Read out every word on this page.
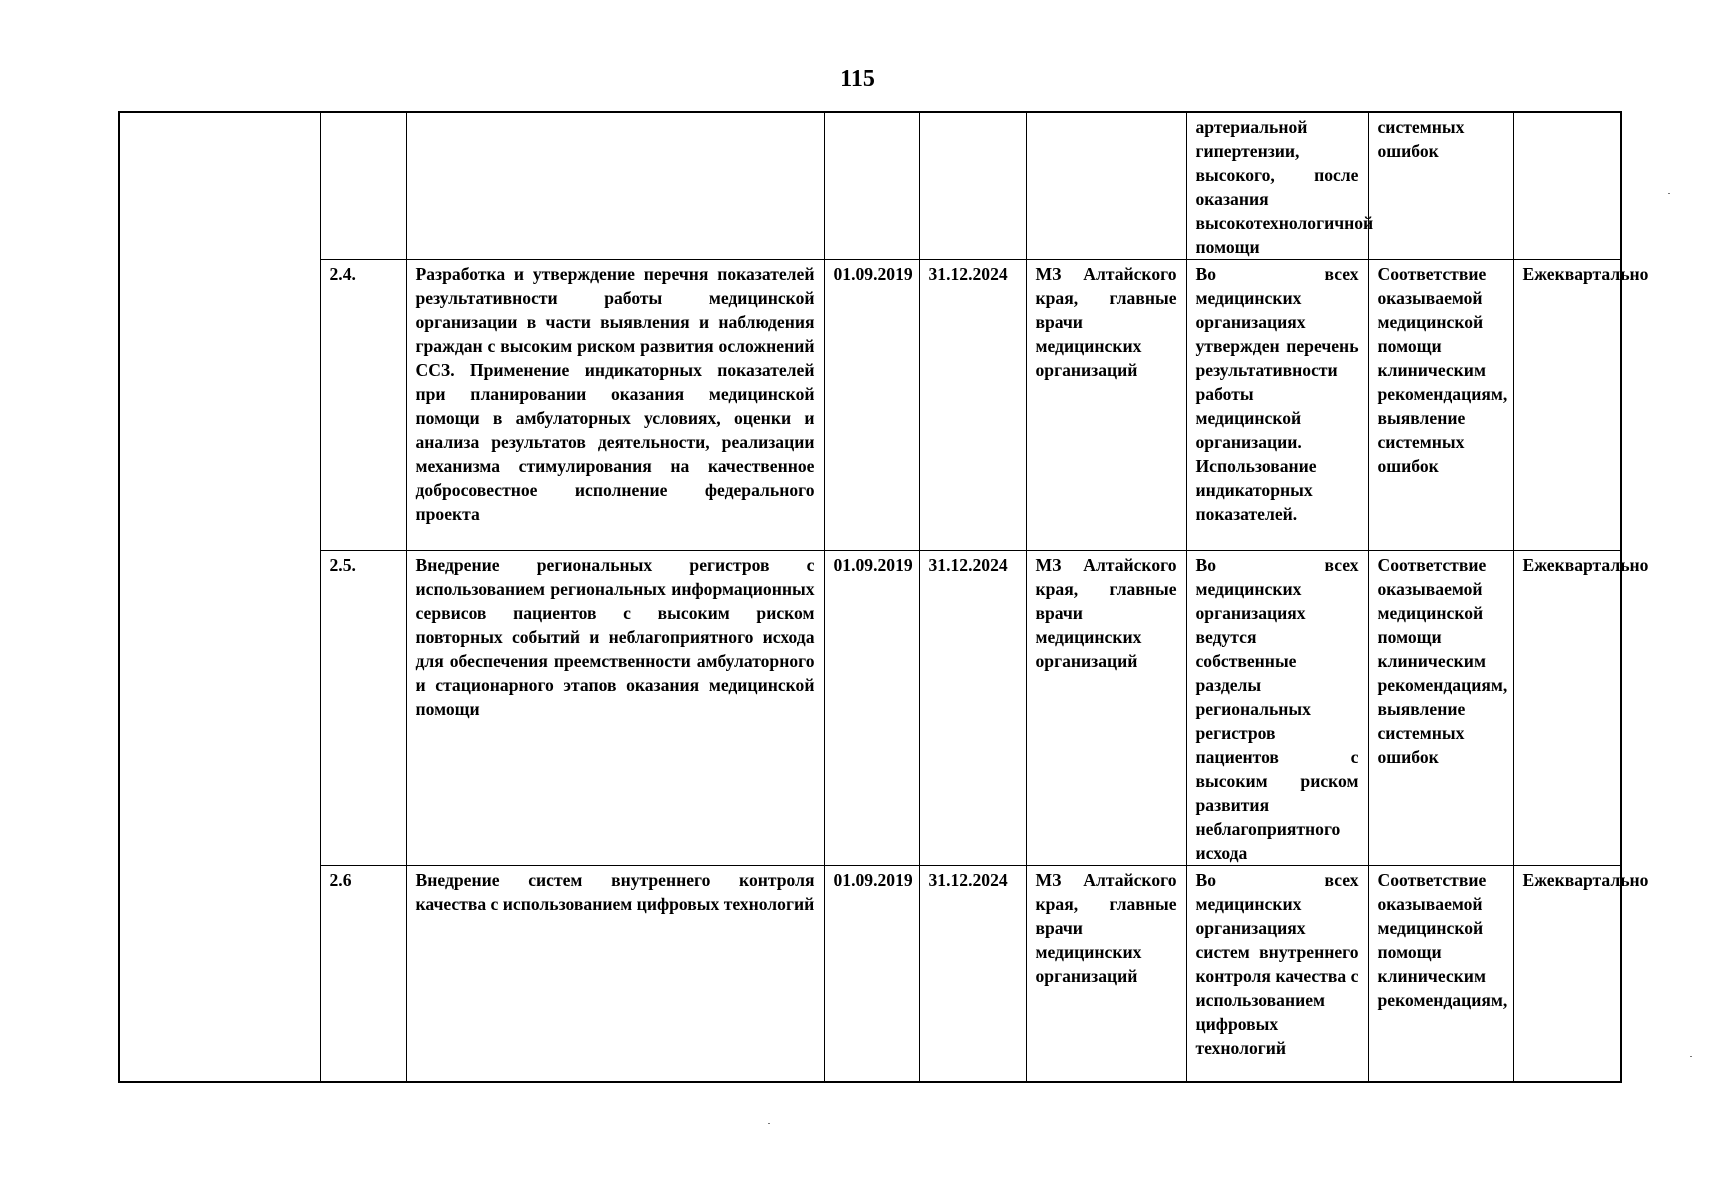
115
						артериальной гипертензии, высокого, после оказания высокотехнологичной помощи	системных ошибок	
	2.4.	Разработка и утверждение перечня показателей результативности работы медицинской организации в части выявления и наблюдения граждан с высоким риском развития осложнений ССЗ. Применение индикаторных показателей при планировании оказания медицинской помощи в амбулаторных условиях, оценки и анализа результатов деятельности, реализации механизма стимулирования на качественное добросовестное исполнение федерального проекта	01.09.2019	31.12.2024	МЗ Алтайского края, главные врачи медицинских организаций	Во всех медицинских организациях утвержден перечень результативности работы медицинской организации. Использование индикаторных показателей.	Соответствие оказываемой медицинской помощи клиническим рекомендациям, выявление системных ошибок	Ежеквартально
	2.5.	Внедрение региональных регистров с использованием региональных информационных сервисов пациентов с высоким риском повторных событий и неблагоприятного исхода для обеспечения преемственности амбулаторного и стационарного этапов оказания медицинской помощи	01.09.2019	31.12.2024	МЗ Алтайского края, главные врачи медицинских организаций	Во всех медицинских организациях ведутся собственные разделы региональных регистров пациентов с высоким риском развития неблагоприятного исхода	Соответствие оказываемой медицинской помощи клиническим рекомендациям, выявление системных ошибок	Ежеквартально
	2.6	Внедрение систем внутреннего контроля качества с использованием цифровых технологий	01.09.2019	31.12.2024	МЗ Алтайского края, главные врачи медицинских организаций	Во всех медицинских организациях систем внутреннего контроля качества с использованием цифровых технологий	Соответствие оказываемой медицинской помощи клиническим рекомендациям,	Ежеквартально
